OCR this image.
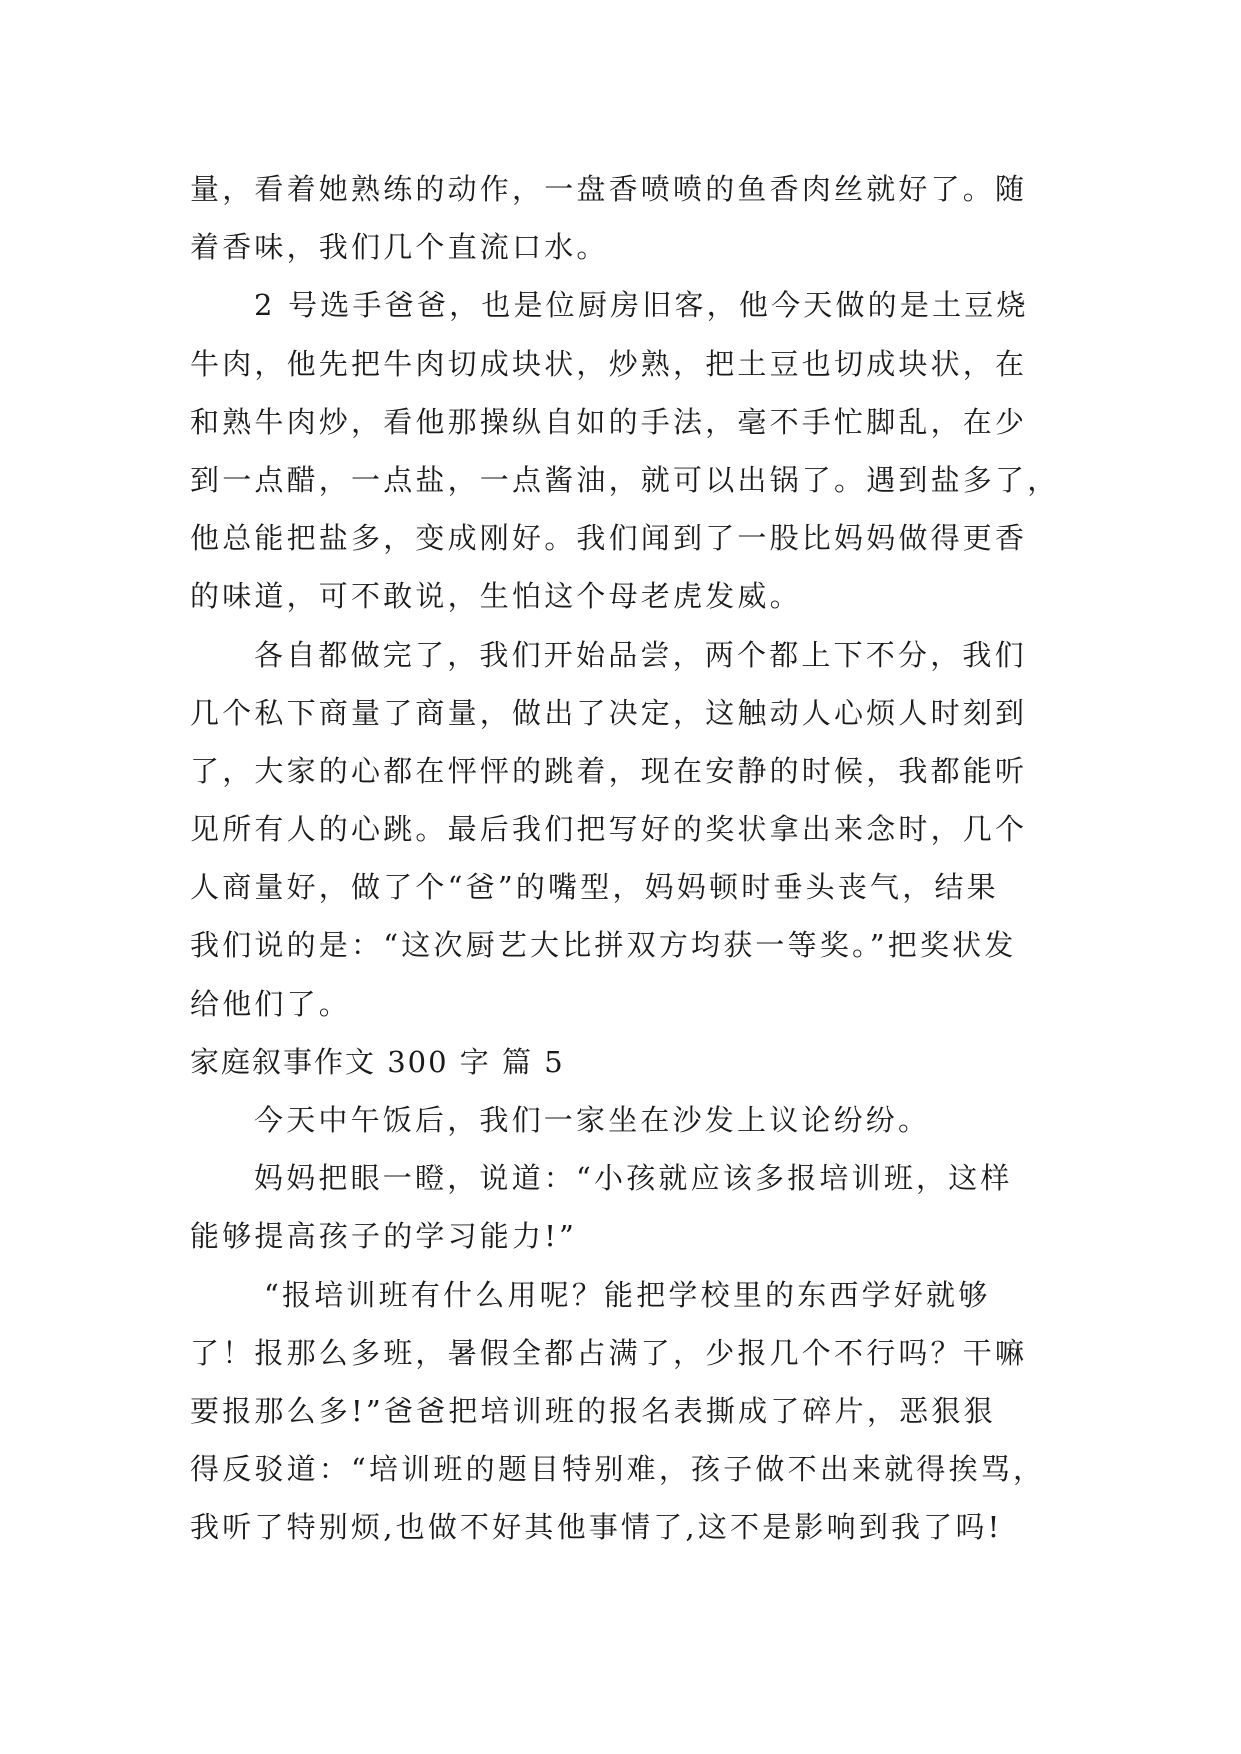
量，看着她熟练的动作，一盘香喷喷的鱼香肉丝就好了。随
着香味，我们几个直流口水。
2 号选手爸爸，也是位厨房旧客，他今天做的是土豆烧
牛肉，他先把牛肉切成块状，炒熟，把土豆也切成块状，在
和熟牛肉炒，看他那操纵自如的手法，毫不手忙脚乱，在少
到一点醋，一点盐，一点酱油，就可以出锅了。遇到盐多了，
他总能把盐多，变成刚好。我们闻到了一股比妈妈做得更香
的味道，可不敢说，生怕这个母老虎发威。
各自都做完了，我们开始品尝，两个都上下不分，我们
几个私下商量了商量，做出了决定，这触动人心烦人时刻到
了，大家的心都在怦怦的跳着，现在安静的时候，我都能听
见所有人的心跳。最后我们把写好的奖状拿出来念时，几个
人商量好，做了个“爸”的嘴型，妈妈顿时垂头丧气，结果
我们说的是：“这次厨艺大比拼双方均获一等奖。”把奖状发
给他们了。
家庭叙事作文 300 字 篇 5
今天中午饭后，我们一家坐在沙发上议论纷纷。
妈妈把眼一瞪，说道：“小孩就应该多报培训班，这样
能够提高孩子的学习能力!”
“报培训班有什么用呢？能把学校里的东西学好就够
了！报那么多班，暑假全都占满了，少报几个不行吗？干嘛
要报那么多!”爸爸把培训班的报名表撕成了碎片，恶狠狠
得反驳道：“培训班的题目特别难，孩子做不出来就得挨骂，
我听了特别烦,也做不好其他事情了,这不是影响到我了吗!
